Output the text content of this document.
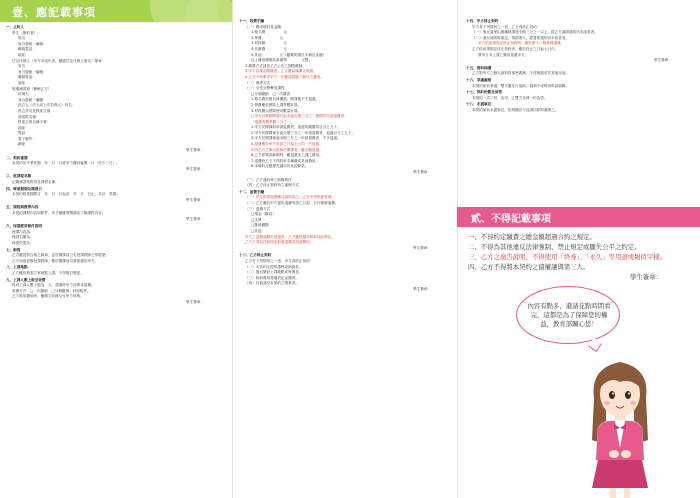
壹、應記載事項
一、立約人
學生（簽約者）：
姓名：
身分證統一編號：
聯絡電話：
地址：
法定代理人（甲方未成年者，應經法定代理人簽名）簽章：
姓名：
身分證統一編號：
聯絡電話：
地址：
短期補習班（簡稱乙方）：
負責人：
身分證統一編號：
設立人（法人或公司負責人）姓名：
設立許可及核准文號：
補習班名稱：
核准立案名稱字號：
地址：
電話：
電子郵件：
網址：
學生簽章：
二、契約審閱
本契約於中華民國　年　月　日經甲方攜回審閱　日（至少三日）。
學生簽章：
三、班課程名稱
記載補習班班別及課程名稱：
四、修業期間及開課日
本契約修業期間自　年　月　日起至　年　月　日止，共計　堂課。
學生簽章：
五、課程與教學內容
本契約課程內容如附件，甲方應確實閱讀並了解課程內容。
學生簽章：
六、保證經常條件說明
授課內容為：
保證名額為：
保證效果為：
七、師資
乙方應提供合格之師資，並於開課前公告授課教師之學經歷。
乙方如欲更換授課教師，應於開課前以書面通知甲方。
八、上課地點
乙方應依核准立案地點上課，不得擅自變更。
九、上課人數上限及收費
每班上課人數上限為　人，超過時甲方得要求退費。
收費方式：□一次繳納　□分期繳納，詳如附件。
乙方收取費用時，應開立收據交付甲方收執。
學生簽章：
十一、收費手續
（一）費用項目及金額
1.報名費：　　　　元
2.學費：　　　　元
3.材料費：　　　　元
4.代辦費：　　　　元
5.其他：　　　　元（應載明項目名稱及金額）
以上費用總額為新臺幣　　　　元整。
2.繳費方式請依乙方公告之期限繳納。
3.甲方以現金繳費者，乙方應當場開立收據。
4.乙方不得要求甲方一次繳清超過三個月之費用。
（二）優惠方式
（一）全堂完整參加課程
□分期繳納　□一次繳清
1.報名費於報名時繳納，開課後不予退還。
2.學費應依實際上課堂數計算。
3.材料費以實際使用數量計算。
□甲方自實際開課日起未逾全期三分之一期間內申請退費者，
　退還所繳學費二分之一。
1.甲方於開課前申請退費者，退還所繳費用百分之九十。
2.甲方於開課後未逾全期三分之一申請退費者，退還百分之五十。
3.甲方於開課後逾全期三分之一申請退費者，不予退還。
4.退費應於甲方申請之日起七日內一次退還。
5.因乙方之事由致無法開課者，應全額退還。
6.乙方停業或解散時，應退還未上課之費用。
7.退費時乙方不得收取手續費或其他費用。
8.本條約定應優先適用於其他條款。
學生簽章：
（三）乙方違約時之賠償責任
（四）乙方終止契約時之處理方式
十二、退費手續
（一）甲方申請退費應以書面為之，乙方不得拒絕受理。
（二）乙方應於甲方提出退費申請之日起　日內辦理退費。
（三）退費方式：
□現金（匯款）
□支票
□郵政劃撥
□其他：
甲方之退費逾期未退還者，乙方應按週年利率加計利息。
乙方不得以任何理由拒絕退費或扣留費用。
學生簽章：
十三、乙方終止契約
乙方有下列情形之一者，甲方得終止契約：
（一）未依約定提供課程或師資者。
（二）擅自變更上課地點或時間者。
（三）收取費用超過約定金額者。
（四）其他違反本契約之情事者。
學生簽章：
十四、甲方終止契約
甲方有下列情形之一者，乙方得終止契約：
（一）無正當理由連續缺課達全期三分之一以上，經乙方書面通知仍未改善者。
（二）違反補習班規定，情節重大，經書面通知仍未改善者。
甲方依前項規定終止契約時，應依第十二條辦理退費。
乙方依前項規定終止契約者，應於終止之日起七日內，
將甲方未上課之費用退還甲方。
學生簽章：
十五、資料保護
乙方對甲方之個人資料負保密義務，不得洩漏或作其他用途。
十六、爭議處理
本契約如有爭議，雙方應先行協商，協商不成時得申請調解。
十七、契約份數及保管
本契約一式二份，由甲、乙雙方各執一份為憑。
十八、未盡事宜
本契約如有未盡事宜，依相關法令及誠信原則處理之。
貳、不得記載事項
一、不得約定繳費之總金額超過合約之規定。
二、不得為其他違反法律強制、禁止規定或顯失公平之約定。
三、乙方之廣告說明，不得使用「終身」、「永久」等用語或類似字樣。
四、乙方不得將本契約之債權讓與第三人。
學生簽章：
內容有點多，還請花點時間看完，這都是為了保障您的權益，教育部關心您！
